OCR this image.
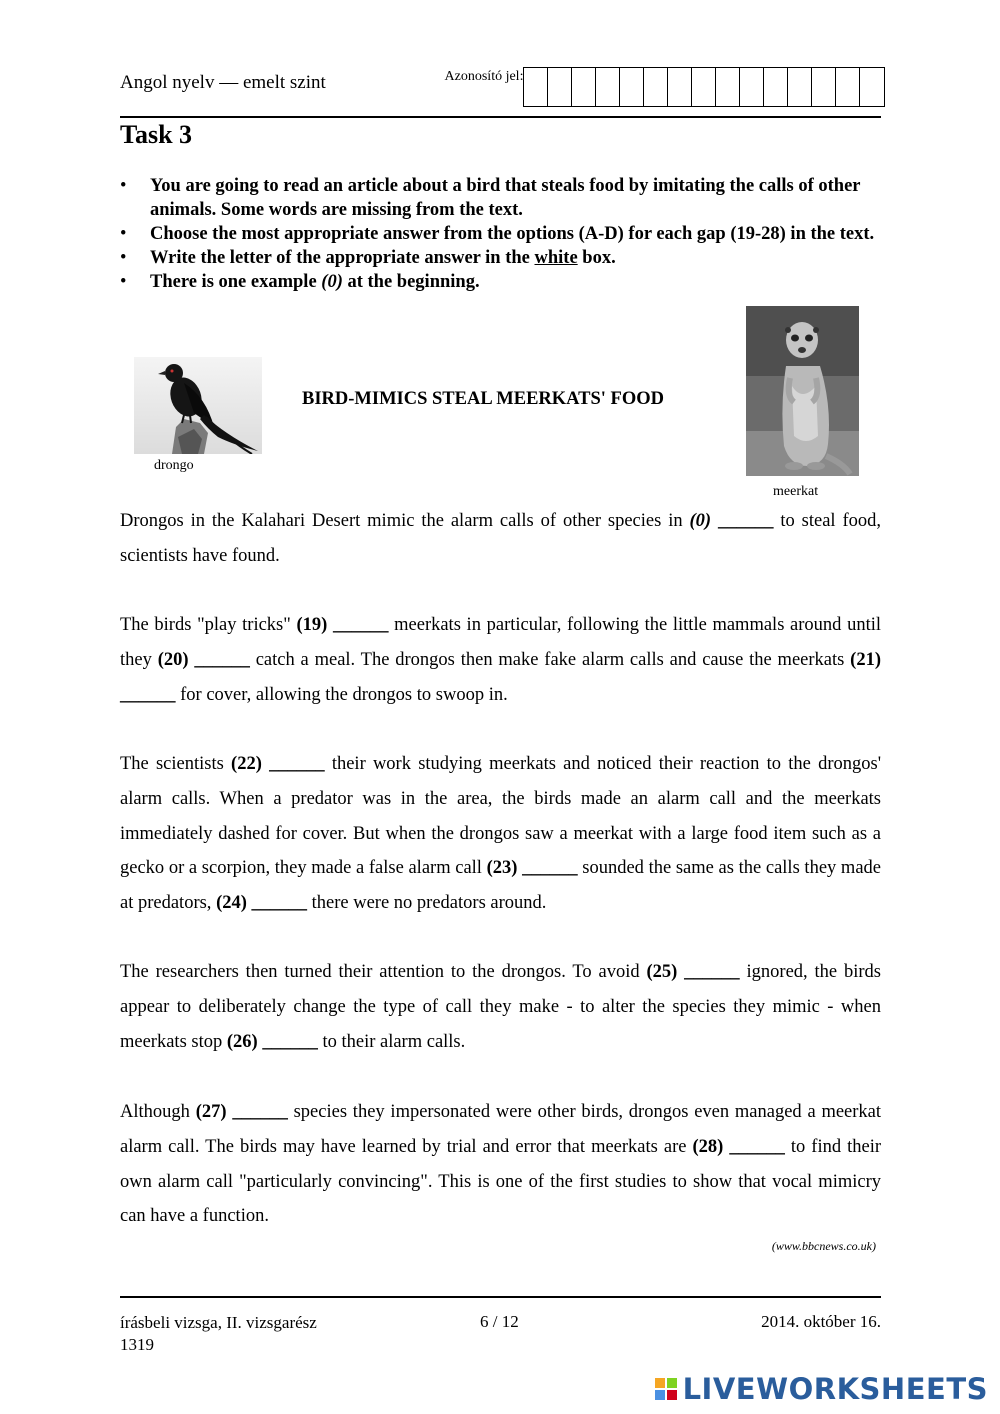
Angol nyelv — emelt szint	Azonosító jel:
Task 3
• You are going to read an article about a bird that steals food by imitating the calls of other animals. Some words are missing from the text.
• Choose the most appropriate answer from the options (A-D) for each gap (19-28) in the text.
• Write the letter of the appropriate answer in the white box.
• There is one example (0) at the beginning.
drongo
BIRD-MIMICS STEAL MEERKATS' FOOD
meerkat

Drongos in the Kalahari Desert mimic the alarm calls of other species in (0) ______ to steal food, scientists have found.

The birds "play tricks" (19) ______ meerkats in particular, following the little mammals around until they (20) ______ catch a meal. The drongos then make fake alarm calls and cause the meerkats (21) ______ for cover, allowing the drongos to swoop in.

The scientists (22) ______ their work studying meerkats and noticed their reaction to the drongos' alarm calls. When a predator was in the area, the birds made an alarm call and the meerkats immediately dashed for cover. But when the drongos saw a meerkat with a large food item such as a gecko or a scorpion, they made a false alarm call (23) ______ sounded the same as the calls they made at predators, (24) ______ there were no predators around.

The researchers then turned their attention to the drongos. To avoid (25) ______ ignored, the birds appear to deliberately change the type of call they make - to alter the species they mimic - when meerkats stop (26) ______ to their alarm calls.

Although (27) ______ species they impersonated were other birds, drongos even managed a meerkat alarm call. The birds may have learned by trial and error that meerkats are (28) ______ to find their own alarm call "particularly convincing". This is one of the first studies to show that vocal mimicry can have a function.

(www.bbcnews.co.uk)
írásbeli vizsga, II. vizsgarész
1319
6 / 12	2014. október 16.
LIVEWORKSHEETS
